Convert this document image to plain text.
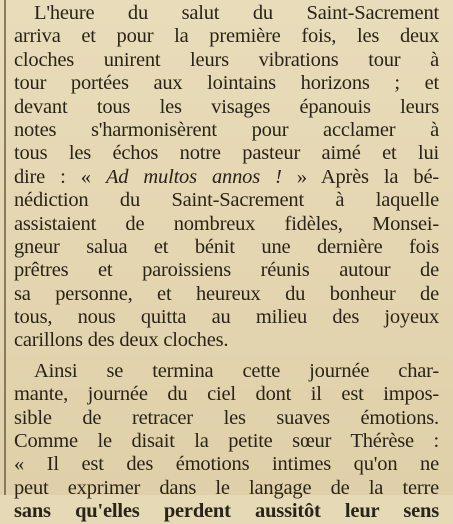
L'heure du salut du Saint-Sacrement
arriva et pour la première fois, les deux
cloches unirent leurs vibrations tour à
tour portées aux lointains horizons ; et
devant tous les visages épanouis leurs
notes s'harmonisèrent pour acclamer à
tous les échos notre pasteur aimé et lui
dire : « Ad multos annos ! » Après la bé-
nédiction du Saint-Sacrement à laquelle
assistaient de nombreux fidèles, Monsei-
gneur salua et bénit une dernière fois
prêtres et paroissiens réunis autour de
sa personne, et heureux du bonheur de
tous, nous quitta au milieu des joyeux
carillons des deux cloches.
Ainsi se termina cette journée char-
mante, journée du ciel dont il est impos-
sible de retracer les suaves émotions.
Comme le disait la petite sœur Thérèse :
« Il est des émotions intimes qu'on ne
peut exprimer dans le langage de la terre
sans qu'elles perdent aussitôt leur sens
